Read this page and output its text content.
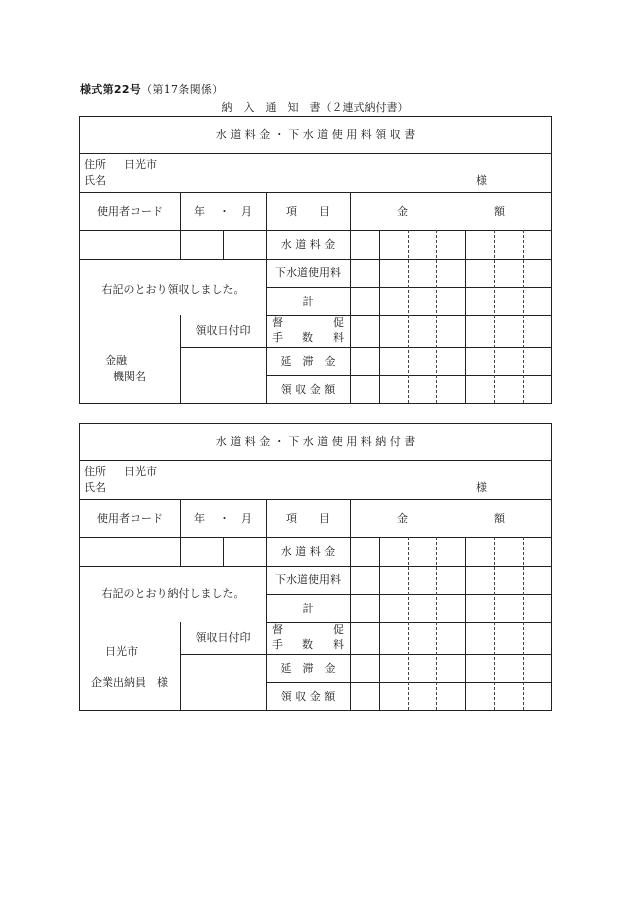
様式第22号（第17条関係）
納　入　通　知　書（２連式納付書）
水 道 料 金 ・ 下 水 道 使 用 料 領 収 書
住所 日光市
氏名	様
使用者コード	年 ・ 月	項　　目	金	額
水 道 料 金
下水道使用料
計
督	促
手 数 料
延　滞　金
領 収 金 額
右記のとおり領収しました。
領収日付印
金融
機関名
水 道 料 金 ・ 下 水 道 使 用 料 納 付 書
住所 日光市
氏名	様
使用者コード	年 ・ 月	項　　目	金	額
水 道 料 金
下水道使用料
計
督	促
手 数 料
延　滞　金
領 収 金 額
右記のとおり納付しました。
領収日付印
日光市
企業出納員　様
